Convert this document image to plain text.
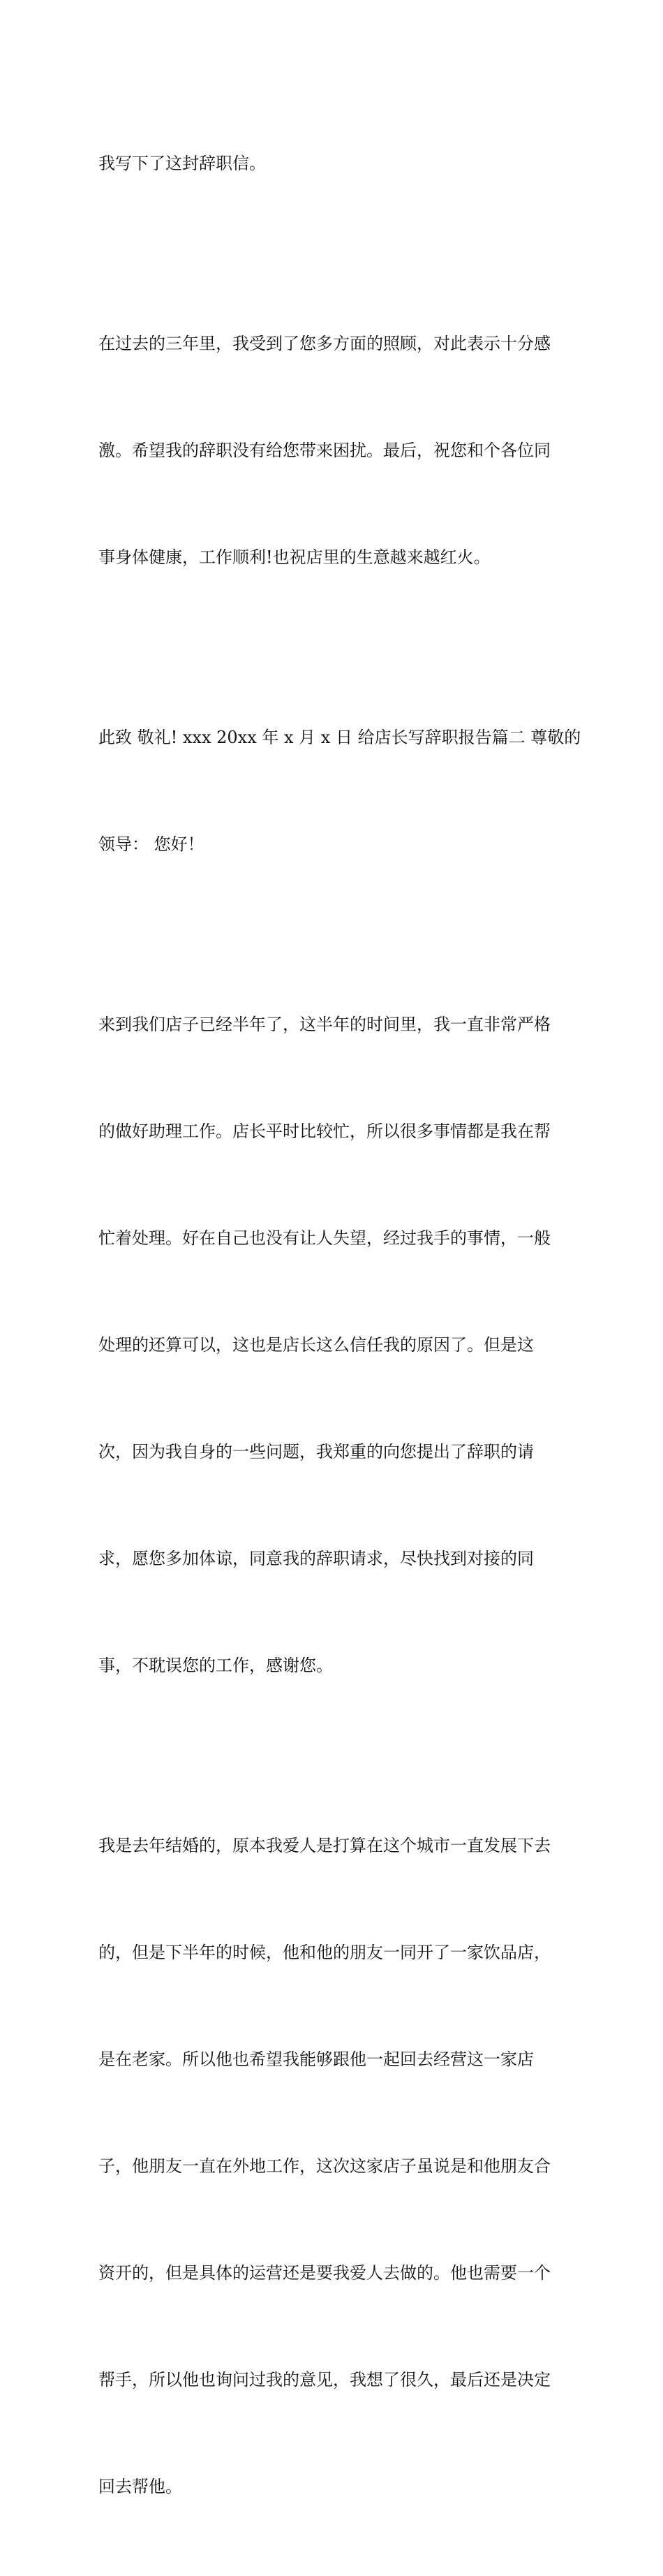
我写下了这封辞职信。

在过去的三年里，我受到了您多方面的照顾，对此表示十分感

激。希望我的辞职没有给您带来困扰。最后，祝您和个各位同

事身体健康，工作顺利!也祝店里的生意越来越红火。

此致 敬礼! xxx 20xx 年 x 月 x 日 给店长写辞职报告篇二 尊敬的

领导： 您好！

来到我们店子已经半年了，这半年的时间里，我一直非常严格

的做好助理工作。店长平时比较忙，所以很多事情都是我在帮

忙着处理。好在自己也没有让人失望，经过我手的事情，一般

处理的还算可以，这也是店长这么信任我的原因了。但是这

次，因为我自身的一些问题，我郑重的向您提出了辞职的请

求，愿您多加体谅，同意我的辞职请求，尽快找到对接的同

事，不耽误您的工作，感谢您。

我是去年结婚的，原本我爱人是打算在这个城市一直发展下去

的，但是下半年的时候，他和他的朋友一同开了一家饮品店，

是在老家。所以他也希望我能够跟他一起回去经营这一家店

子，他朋友一直在外地工作，这次这家店子虽说是和他朋友合

资开的，但是具体的运营还是要我爱人去做的。他也需要一个

帮手，所以他也询问过我的意见，我想了很久，最后还是决定

回去帮他。
